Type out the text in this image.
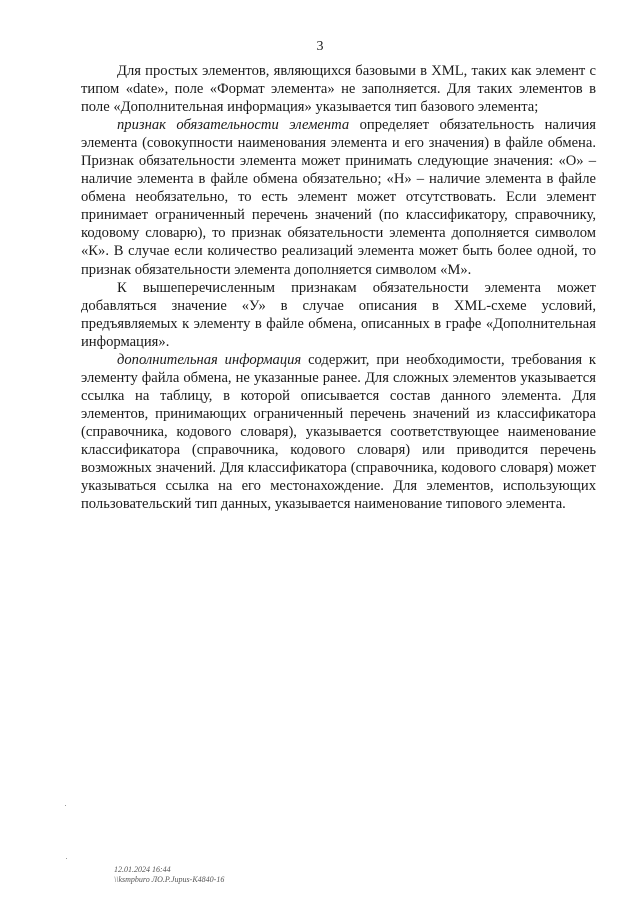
3

Для простых элементов, являющихся базовыми в XML, таких как элемент с типом «date», поле «Формат элемента» не заполняется. Для таких элементов в поле «Дополнительная информация» указывается тип базового элемента;

признак обязательности элемента определяет обязательность наличия элемента (совокупности наименования элемента и его значения) в файле обмена. Признак обязательности элемента может принимать следующие значения: «О» – наличие элемента в файле обмена обязательно; «Н» – наличие элемента в файле обмена необязательно, то есть элемент может отсутствовать. Если элемент принимает ограниченный перечень значений (по классификатору, справочнику, кодовому словарю), то признак обязательности элемента дополняется символом «К». В случае если количество реализаций элемента может быть более одной, то признак обязательности элемента дополняется символом «М».

К вышеперечисленным признакам обязательности элемента может добавляться значение «У» в случае описания в XML-схеме условий, предъявляемых к элементу в файле обмена, описанных в графе «Дополнительная информация».

дополнительная информация содержит, при необходимости, требования к элементу файла обмена, не указанные ранее. Для сложных элементов указывается ссылка на таблицу, в которой описывается состав данного элемента. Для элементов, принимающих ограниченный перечень значений из классификатора (справочника, кодового словаря), указывается соответствующее наименование классификатора (справочника, кодового словаря) или приводится перечень возможных значений. Для классификатора (справочника, кодового словаря) может указываться ссылка на его местонахождение. Для элементов, использующих пользовательский тип данных, указывается наименование типового элемента.

12.01.2024 16:44
\\ksmpburo ЛО.Р.Jupus-K4840-16
